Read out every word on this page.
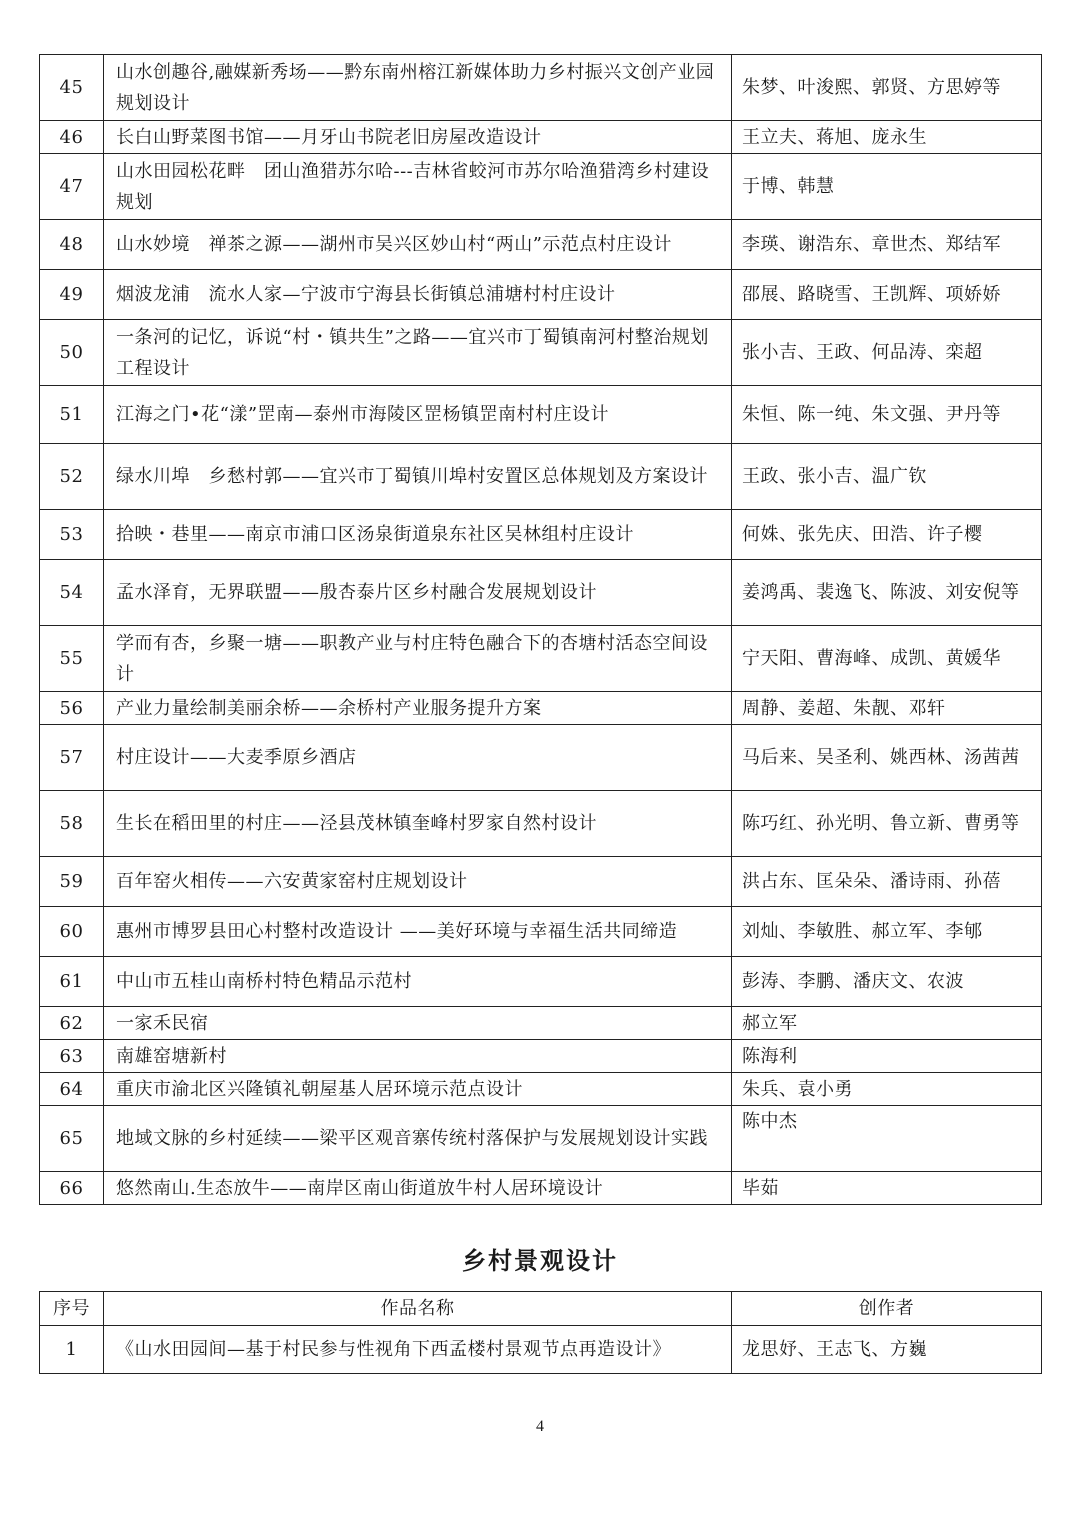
45	山水创趣谷,融媒新秀场——黔东南州榕江新媒体助力乡村振兴文创产业园规划设计	朱梦、叶浚熙、郭贤、方思婷等
46	长白山野菜图书馆——月牙山书院老旧房屋改造设计	王立夫、蒋旭、庞永生
47	山水田园松花畔　团山渔猎苏尔哈---吉林省蛟河市苏尔哈渔猎湾乡村建设规划	于博、韩慧
48	山水妙境　禅茶之源——湖州市吴兴区妙山村“两山”示范点村庄设计	李瑛、谢浩东、章世杰、郑结军
49	烟波龙浦　流水人家—宁波市宁海县长街镇总浦塘村村庄设计	邵展、路晓雪、王凯辉、项娇娇
50	一条河的记忆，诉说“村・镇共生”之路——宜兴市丁蜀镇南河村整治规划工程设计	张小吉、王政、何品涛、栾超
51	江海之门•花“漾”罡南—泰州市海陵区罡杨镇罡南村村庄设计	朱恒、陈一纯、朱文强、尹丹等
52	绿水川埠　乡愁村郭——宜兴市丁蜀镇川埠村安置区总体规划及方案设计	王政、张小吉、温广钦
53	拾映・巷里——南京市浦口区汤泉街道泉东社区吴林组村庄设计	何姝、张先庆、田浩、许子樱
54	孟水泽育，无界联盟——殷杏泰片区乡村融合发展规划设计	姜鸿禹、裴逸飞、陈波、刘安倪等
55	学而有杏，乡聚一塘——职教产业与村庄特色融合下的杏塘村活态空间设计	宁天阳、曹海峰、成凯、黄媛华
56	产业力量绘制美丽余桥——余桥村产业服务提升方案	周静、姜超、朱靓、邓轩
57	村庄设计——大麦季原乡酒店	马后来、吴圣利、姚西林、汤茜茜
58	生长在稻田里的村庄——泾县茂林镇奎峰村罗家自然村设计	陈巧红、孙光明、鲁立新、曹勇等
59	百年窑火相传——六安黄家窑村庄规划设计	洪占东、匡朵朵、潘诗雨、孙蓓
60	惠州市博罗县田心村整村改造设计 ——美好环境与幸福生活共同缔造	刘灿、李敏胜、郝立军、李郇
61	中山市五桂山南桥村特色精品示范村	彭涛、李鹏、潘庆文、农波
62	一家禾民宿	郝立军
63	南雄窑塘新村	陈海利
64	重庆市渝北区兴隆镇礼朝屋基人居环境示范点设计	朱兵、袁小勇
65	地域文脉的乡村延续——梁平区观音寨传统村落保护与发展规划设计实践	陈中杰
66	悠然南山.生态放牛——南岸区南山街道放牛村人居环境设计	毕茹
乡村景观设计
序号	作品名称	创作者
1	《山水田园间—基于村民参与性视角下西孟楼村景观节点再造设计》	龙思妤、王志飞、方巍
4
